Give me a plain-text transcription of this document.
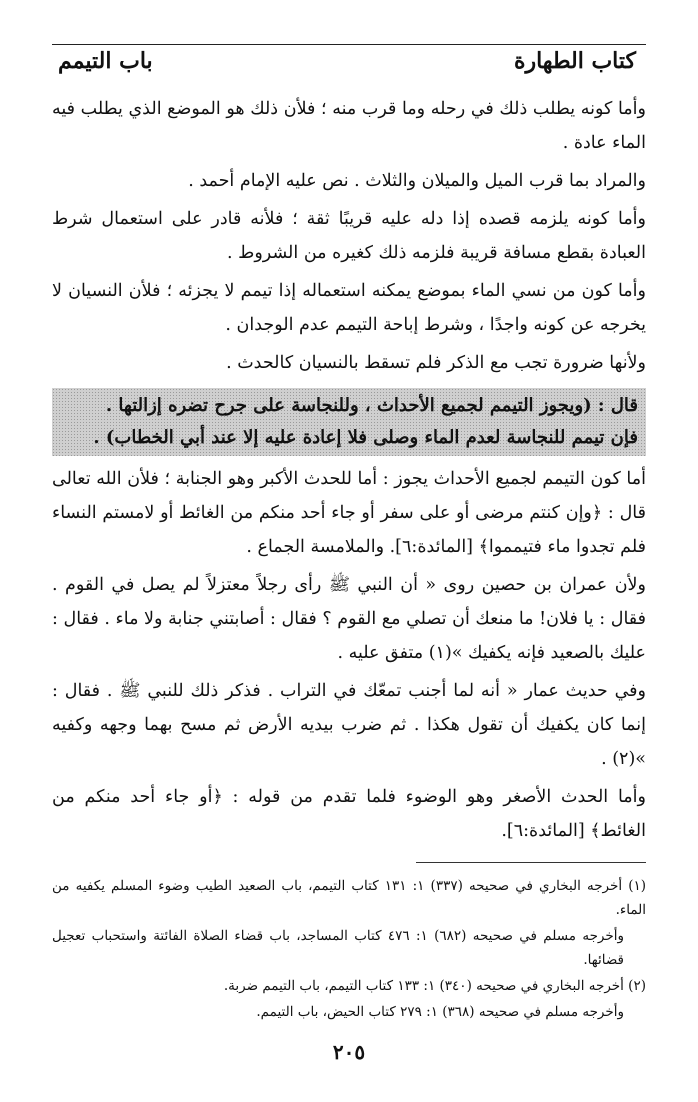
كتاب الطهارة
باب التيمم

وأما كونه يطلب ذلك في رحله وما قرب منه ؛ فلأن ذلك هو الموضع الذي يطلب فيه الماء عادة .

والمراد بما قرب الميل والميلان والثلاث . نص عليه الإمام أحمد .

وأما كونه يلزمه قصده إذا دله عليه قريبًا ثقة ؛ فلأنه قادر على استعمال شرط العبادة بقطع مسافة قريبة فلزمه ذلك كغيره من الشروط .

وأما كون من نسي الماء بموضع يمكنه استعماله إذا تيمم لا يجزئه ؛ فلأن النسيان لا يخرجه عن كونه واجدًا ، وشرط إباحة التيمم عدم الوجدان .

ولأنها ضرورة تجب مع الذكر فلم تسقط بالنسيان كالحدث .

قال : (ويجوز التيمم لجميع الأحداث ، وللنجاسة على جرح تضره إزالتها .

فإن تيمم للنجاسة لعدم الماء وصلى فلا إعادة عليه إلا عند أبي الخطاب) .

أما كون التيمم لجميع الأحداث يجوز : أما للحدث الأكبر وهو الجنابة ؛ فلأن الله تعالى قال : ﴿وإن كنتم مرضى أو على سفر أو جاء أحد منكم من الغائط أو لامستم النساء فلم تجدوا ماء فتيمموا﴾ [المائدة:٦]. والملامسة الجماع .

ولأن عمران بن حصين روى « أن النبي ﷺ رأى رجلاً معتزلاً لم يصل في القوم . فقال : يا فلان! ما منعك أن تصلي مع القوم ؟ فقال : أصابتني جنابة ولا ماء . فقال : عليك بالصعيد فإنه يكفيك »(١) متفق عليه .

وفي حديث عمار « أنه لما أجنب تمعّك في التراب . فذكر ذلك للنبي ﷺ . فقال : إنما كان يكفيك أن تقول هكذا . ثم ضرب بيديه الأرض ثم مسح بهما وجهه وكفيه »(٢) .

وأما الحدث الأصغر وهو الوضوء فلما تقدم من قوله : ﴿أو جاء أحد منكم من الغائط﴾ [المائدة:٦].

(١) أخرجه البخاري في صحيحه (٣٣٧) ١: ١٣١ كتاب التيمم، باب الصعيد الطيب وضوء المسلم يكفيه من الماء.

وأخرجه مسلم في صحيحه (٦٨٢) ١: ٤٧٦ كتاب المساجد، باب قضاء الصلاة الفائتة واستحباب تعجيل قضائها.

(٢) أخرجه البخاري في صحيحه (٣٤٠) ١: ١٣٣ كتاب التيمم، باب التيمم ضربة.

وأخرجه مسلم في صحيحه (٣٦٨) ١: ٢٧٩ كتاب الحيض، باب التيمم.

٢٠٥
